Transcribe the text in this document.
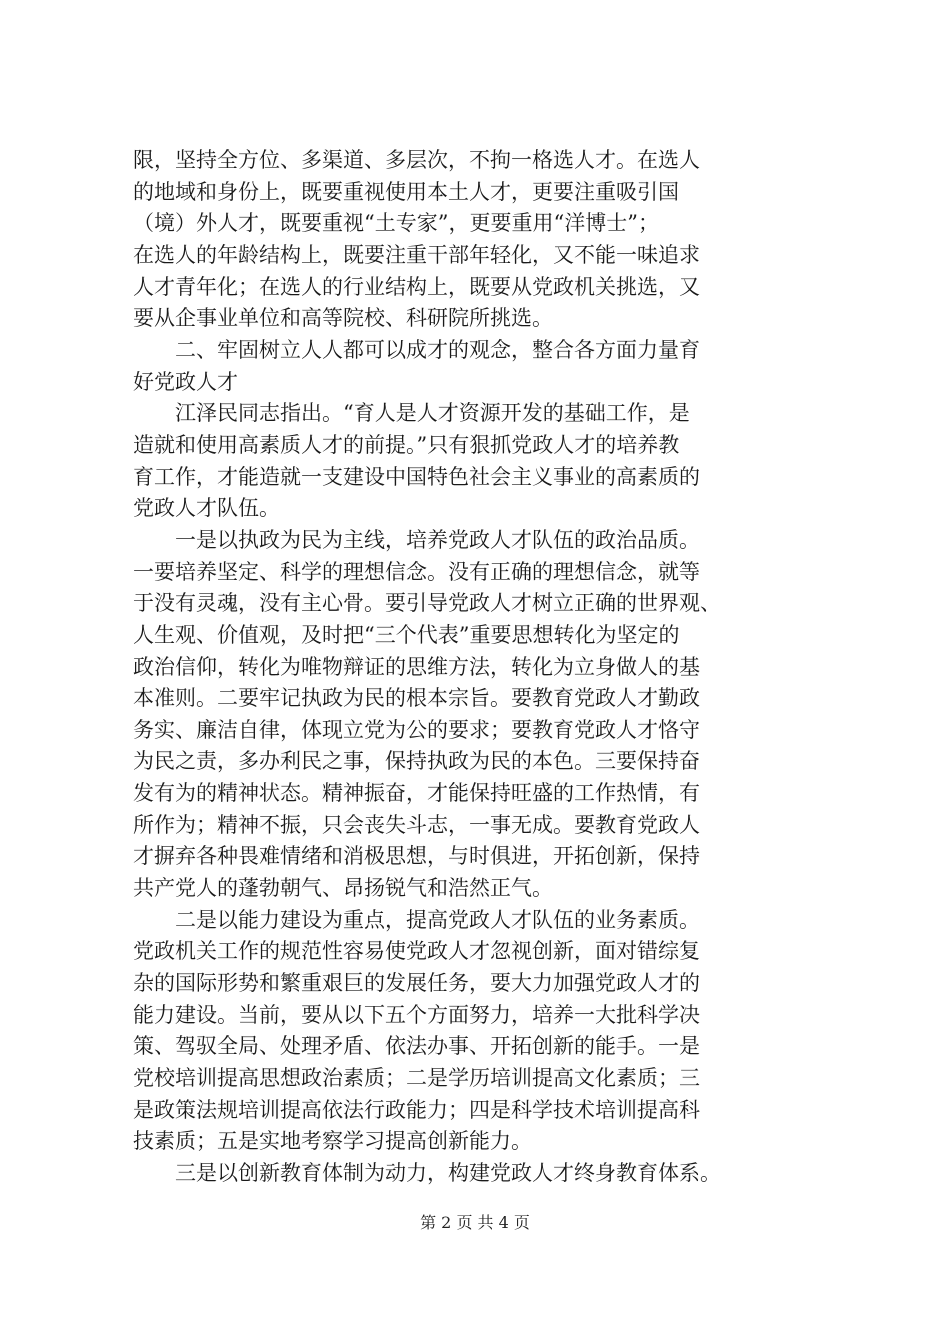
限，坚持全方位、多渠道、多层次，不拘一格选人才。在选人
的地域和身份上，既要重视使用本土人才，更要注重吸引国
（境）外人才，既要重视“土专家”，更要重用“洋博士”；
在选人的年龄结构上，既要注重干部年轻化，又不能一味追求
人才青年化；在选人的行业结构上，既要从党政机关挑选，又
要从企事业单位和高等院校、科研院所挑选。
　　二、牢固树立人人都可以成才的观念，整合各方面力量育
好党政人才
　　江泽民同志指出。“育人是人才资源开发的基础工作，是
造就和使用高素质人才的前提。”只有狠抓党政人才的培养教
育工作，才能造就一支建设中国特色社会主义事业的高素质的
党政人才队伍。
　　一是以执政为民为主线，培养党政人才队伍的政治品质。
一要培养坚定、科学的理想信念。没有正确的理想信念，就等
于没有灵魂，没有主心骨。要引导党政人才树立正确的世界观、
人生观、价值观，及时把“三个代表”重要思想转化为坚定的
政治信仰，转化为唯物辩证的思维方法，转化为立身做人的基
本准则。二要牢记执政为民的根本宗旨。要教育党政人才勤政
务实、廉洁自律，体现立党为公的要求；要教育党政人才恪守
为民之责，多办利民之事，保持执政为民的本色。三要保持奋
发有为的精神状态。精神振奋，才能保持旺盛的工作热情，有
所作为；精神不振，只会丧失斗志，一事无成。要教育党政人
才摒弃各种畏难情绪和消极思想，与时俱进，开拓创新，保持
共产党人的蓬勃朝气、昂扬锐气和浩然正气。
　　二是以能力建设为重点，提高党政人才队伍的业务素质。
党政机关工作的规范性容易使党政人才忽视创新，面对错综复
杂的国际形势和繁重艰巨的发展任务，要大力加强党政人才的
能力建设。当前，要从以下五个方面努力，培养一大批科学决
策、驾驭全局、处理矛盾、依法办事、开拓创新的能手。一是
党校培训提高思想政治素质；二是学历培训提高文化素质；三
是政策法规培训提高依法行政能力；四是科学技术培训提高科
技素质；五是实地考察学习提高创新能力。
　　三是以创新教育体制为动力，构建党政人才终身教育体系。
第 2 页 共 4 页
